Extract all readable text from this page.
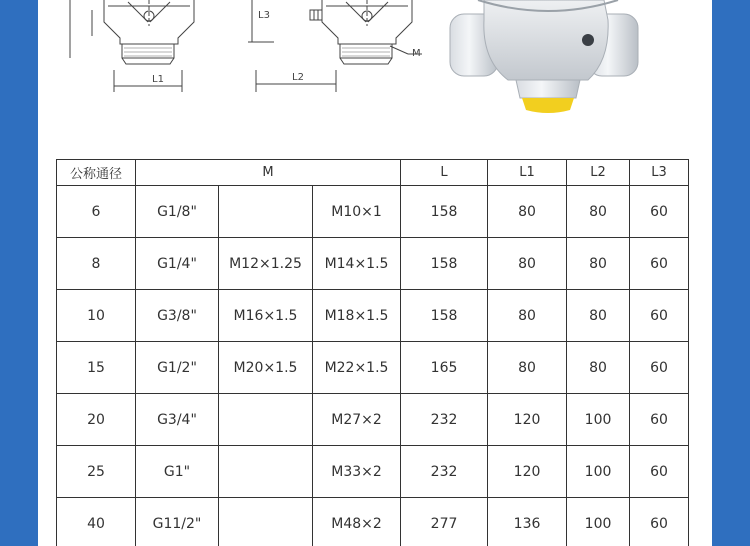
L1	L2
L3
M
公称通径	M			L	L1	L2	L3
6	G1/8"		M10×1	158	80	80	60
8	G1/4"	M12×1.25	M14×1.5	158	80	80	60
10	G3/8"	M16×1.5	M18×1.5	158	80	80	60
15	G1/2"	M20×1.5	M22×1.5	165	80	80	60
20	G3/4"		M27×2	232	120	100	60
25	G1"		M33×2	232	120	100	60
40	G11/2"		M48×2	277	136	100	60
